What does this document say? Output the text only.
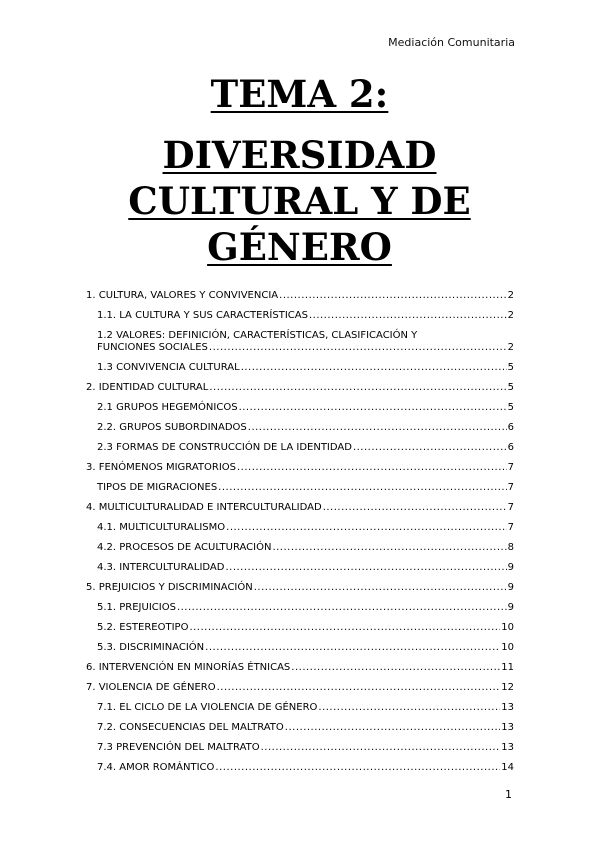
Mediación Comunitaria
TEMA 2:
DIVERSIDAD
CULTURAL Y DE
GÉNERO
1. CULTURA, VALORES Y CONVIVENCIA .....	2
1.1. LA CULTURA Y SUS CARACTERÍSTICAS .....	2
1.2 VALORES: DEFINICIÓN, CARACTERÍSTICAS, CLASIFICACIÓN Y
FUNCIONES SOCIALES .....	2
1.3 CONVIVENCIA CULTURAL .....	5
2. IDENTIDAD CULTURAL .....	5
2.1 GRUPOS HEGEMÓNICOS .....	5
2.2. GRUPOS SUBORDINADOS .....	6
2.3 FORMAS DE CONSTRUCCIÓN DE LA IDENTIDAD .....	6
3. FENÓMENOS MIGRATORIOS .....	7
TIPOS DE MIGRACIONES .....	7
4. MULTICULTURALIDAD E INTERCULTURALIDAD .....	7
4.1. MULTICULTURALISMO .....	7
4.2. PROCESOS DE ACULTURACIÓN .....	8
4.3. INTERCULTURALIDAD .....	9
5. PREJUICIOS Y DISCRIMINACIÓN .....	9
5.1. PREJUICIOS .....	9
5.2. ESTEREOTIPO .....	10
5.3. DISCRIMINACIÓN .....	10
6. INTERVENCIÓN EN MINORÍAS ÉTNICAS .....	11
7. VIOLENCIA DE GÉNERO .....	12
7.1. EL CICLO DE LA VIOLENCIA DE GÉNERO .....	13
7.2. CONSECUENCIAS DEL MALTRATO .....	13
7.3 PREVENCIÓN DEL MALTRATO .....	13
7.4. AMOR ROMÁNTICO .....	14
1
